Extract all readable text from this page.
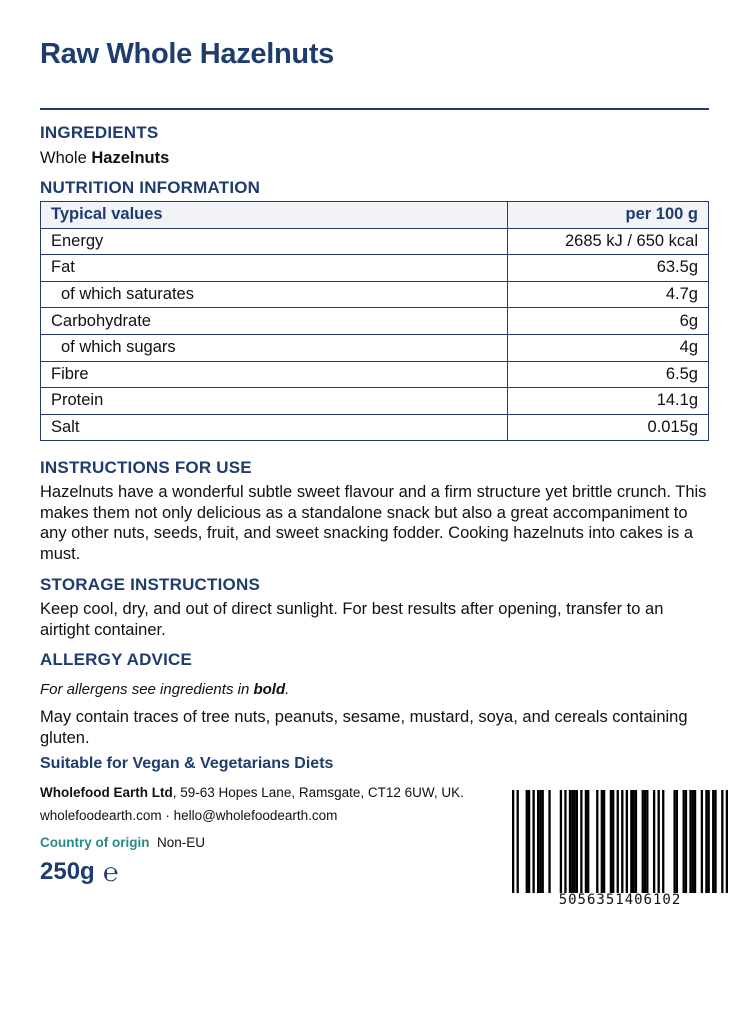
Raw Whole Hazelnuts
INGREDIENTS
Whole Hazelnuts
NUTRITION INFORMATION
Typical values	per 100 g
Energy	2685 kJ / 650 kcal
Fat	63.5g
of which saturates	4.7g
Carbohydrate	6g
of which sugars	4g
Fibre	6.5g
Protein	14.1g
Salt	0.015g
INSTRUCTIONS FOR USE
Hazelnuts have a wonderful subtle sweet flavour and a firm structure yet brittle crunch. This makes them not only delicious as a standalone snack but also a great accompaniment to any other nuts, seeds, fruit, and sweet snacking fodder. Cooking hazelnuts into cakes is a must.
STORAGE INSTRUCTIONS
Keep cool, dry, and out of direct sunlight. For best results after opening, transfer to an airtight container.
ALLERGY ADVICE
For allergens see ingredients in bold.
May contain traces of tree nuts, peanuts, sesame, mustard, soya, and cereals containing gluten.
Suitable for Vegan & Vegetarians Diets
Wholefood Earth Ltd, 59-63 Hopes Lane, Ramsgate, CT12 6UW, UK.
wholefoodearth.com · hello@wholefoodearth.com
Country of origin Non-EU
250g ℮
5056351406102
